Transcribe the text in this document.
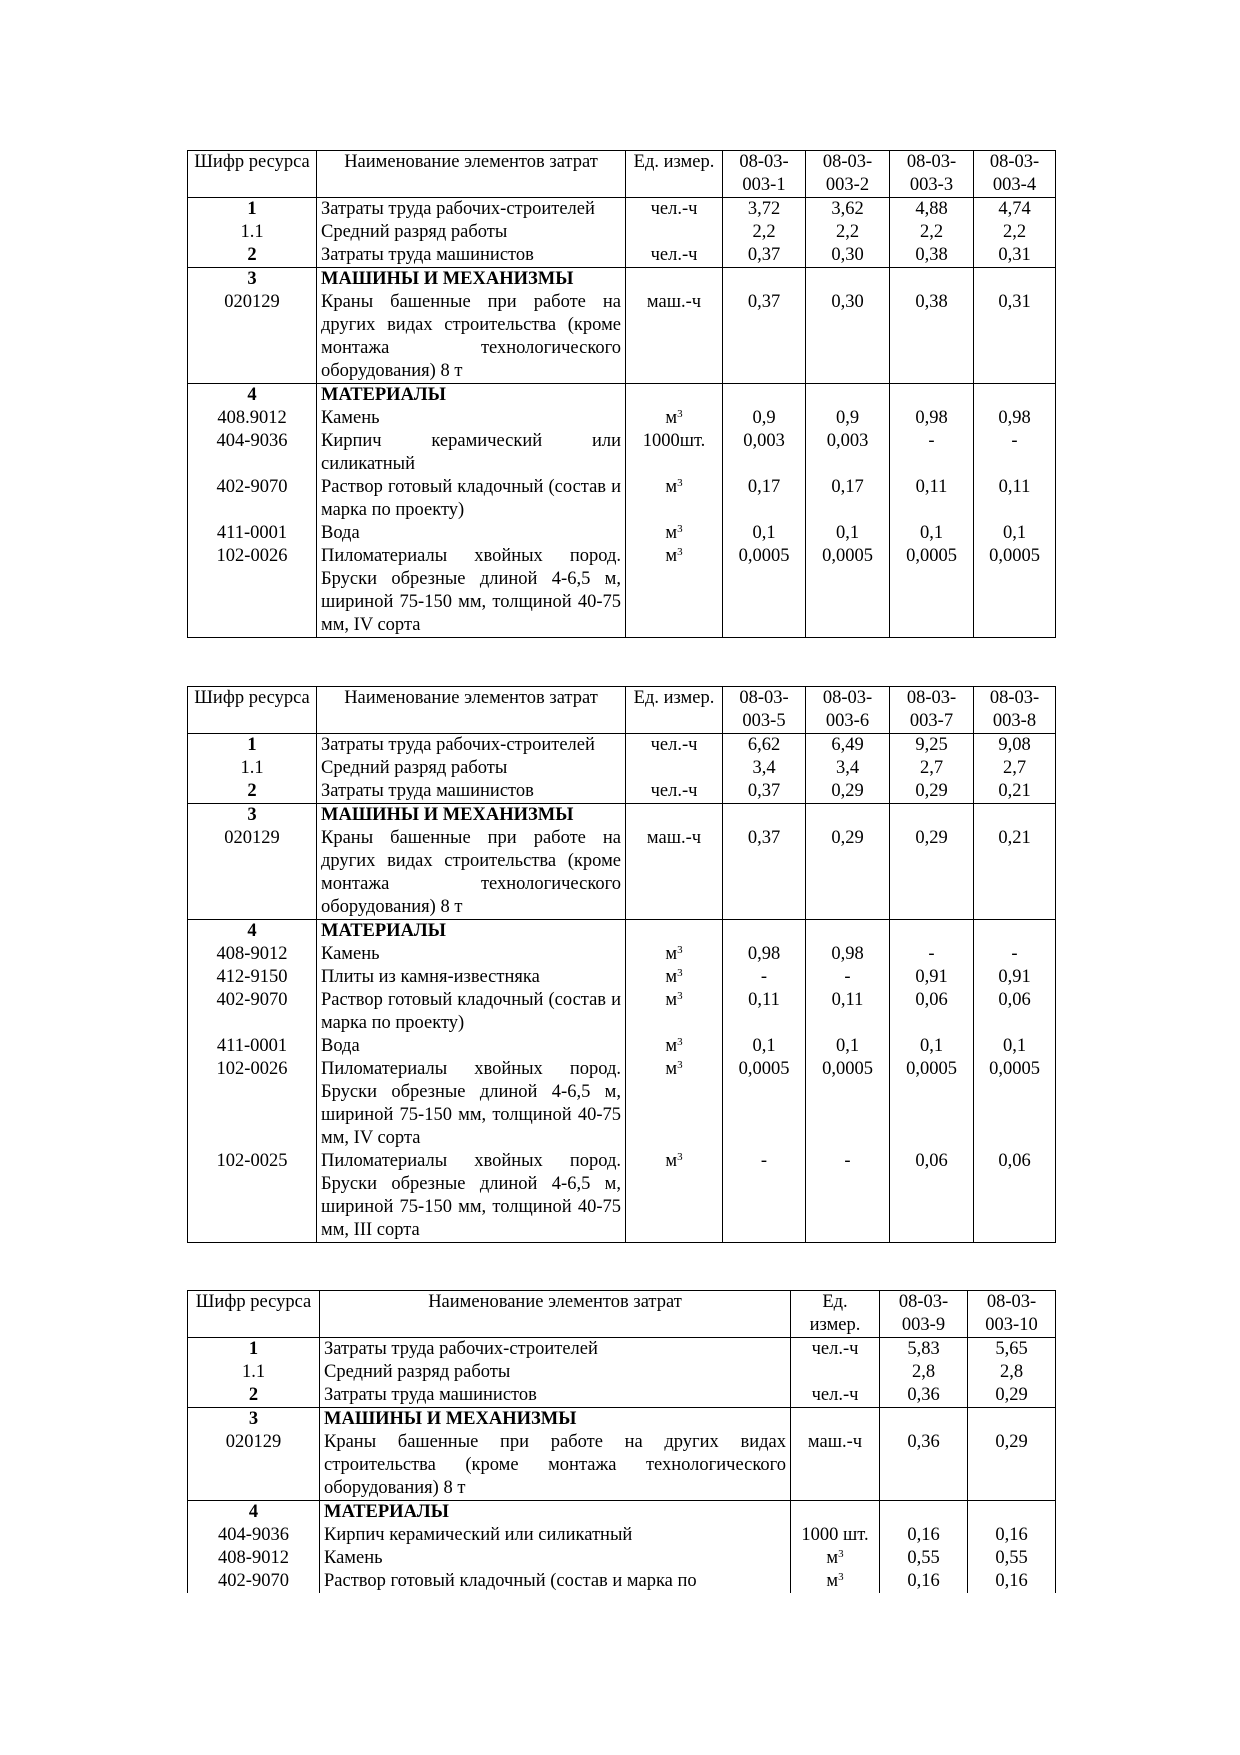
Шифр ресурса	Наименование элементов затрат	Ед. измер.	08-03-003-1	08-03-003-2	08-03-003-3	08-03-003-4
1	Затраты труда рабочих-строителей	чел.-ч	3,72	3,62	4,88	4,74
1.1	Средний разряд работы		2,2	2,2	2,2	2,2
2	Затраты труда машинистов	чел.-ч	0,37	0,30	0,38	0,31
3	МАШИНЫ И МЕХАНИЗМЫ					
020129	Краны башенные при работе на других видах строительства (кроме монтажа технологического оборудования) 8 т	маш.-ч	0,37	0,30	0,38	0,31
4	МАТЕРИАЛЫ					
408.9012	Камень	$м^3$	0,9	0,9	0,98	0,98
404-9036	Кирпич керамический или силикатный	1000шт.	0,003	0,003	-	-
402-9070	Раствор готовый кладочный (состав и марка по проекту)	$м^3$	0,17	0,17	0,11	0,11
411-0001	Вода	$м^3$	0,1	0,1	0,1	0,1
102-0026	Пиломатериалы хвойных пород. Бруски обрезные длиной 4-6,5 м, шириной 75-150 мм, толщиной 40-75 мм, IV сорта	$м^3$	0,0005	0,0005	0,0005	0,0005
Шифр ресурса	Наименование элементов затрат	Ед. измер.	08-03-003-5	08-03-003-6	08-03-003-7	08-03-003-8
1	Затраты труда рабочих-строителей	чел.-ч	6,62	6,49	9,25	9,08
1.1	Средний разряд работы		3,4	3,4	2,7	2,7
2	Затраты труда машинистов	чел.-ч	0,37	0,29	0,29	0,21
3	МАШИНЫ И МЕХАНИЗМЫ					
020129	Краны башенные при работе на других видах строительства (кроме монтажа технологического оборудования) 8 т	маш.-ч	0,37	0,29	0,29	0,21
4	МАТЕРИАЛЫ					
408-9012	Камень	$м^3$	0,98	0,98	-	-
412-9150	Плиты из камня-известняка	$м^3$	-	-	0,91	0,91
402-9070	Раствор готовый кладочный (состав и марка по проекту)	$м^3$	0,11	0,11	0,06	0,06
411-0001	Вода	$м^3$	0,1	0,1	0,1	0,1
102-0026	Пиломатериалы хвойных пород. Бруски обрезные длиной 4-6,5 м, шириной 75-150 мм, толщиной 40-75 мм, IV сорта	$м^3$	0,0005	0,0005	0,0005	0,0005
102-0025	Пиломатериалы хвойных пород. Бруски обрезные длиной 4-6,5 м, шириной 75-150 мм, толщиной 40-75 мм, III сорта	$м^3$	-	-	0,06	0,06
Шифр ресурса	Наименование элементов затрат	Ед. измер.	08-03-003-9	08-03-003-10
1	Затраты труда рабочих-строителей	чел.-ч	5,83	5,65
1.1	Средний разряд работы		2,8	2,8
2	Затраты труда машинистов	чел.-ч	0,36	0,29
3	МАШИНЫ И МЕХАНИЗМЫ			
020129	Краны башенные при работе на других видах строительства (кроме монтажа технологического оборудования) 8 т	маш.-ч	0,36	0,29
4	МАТЕРИАЛЫ			
404-9036	Кирпич керамический или силикатный	1000 шт.	0,16	0,16
408-9012	Камень	$м^3$	0,55	0,55
402-9070	Раствор готовый кладочный (состав и марка по	$м^3$	0,16	0,16
